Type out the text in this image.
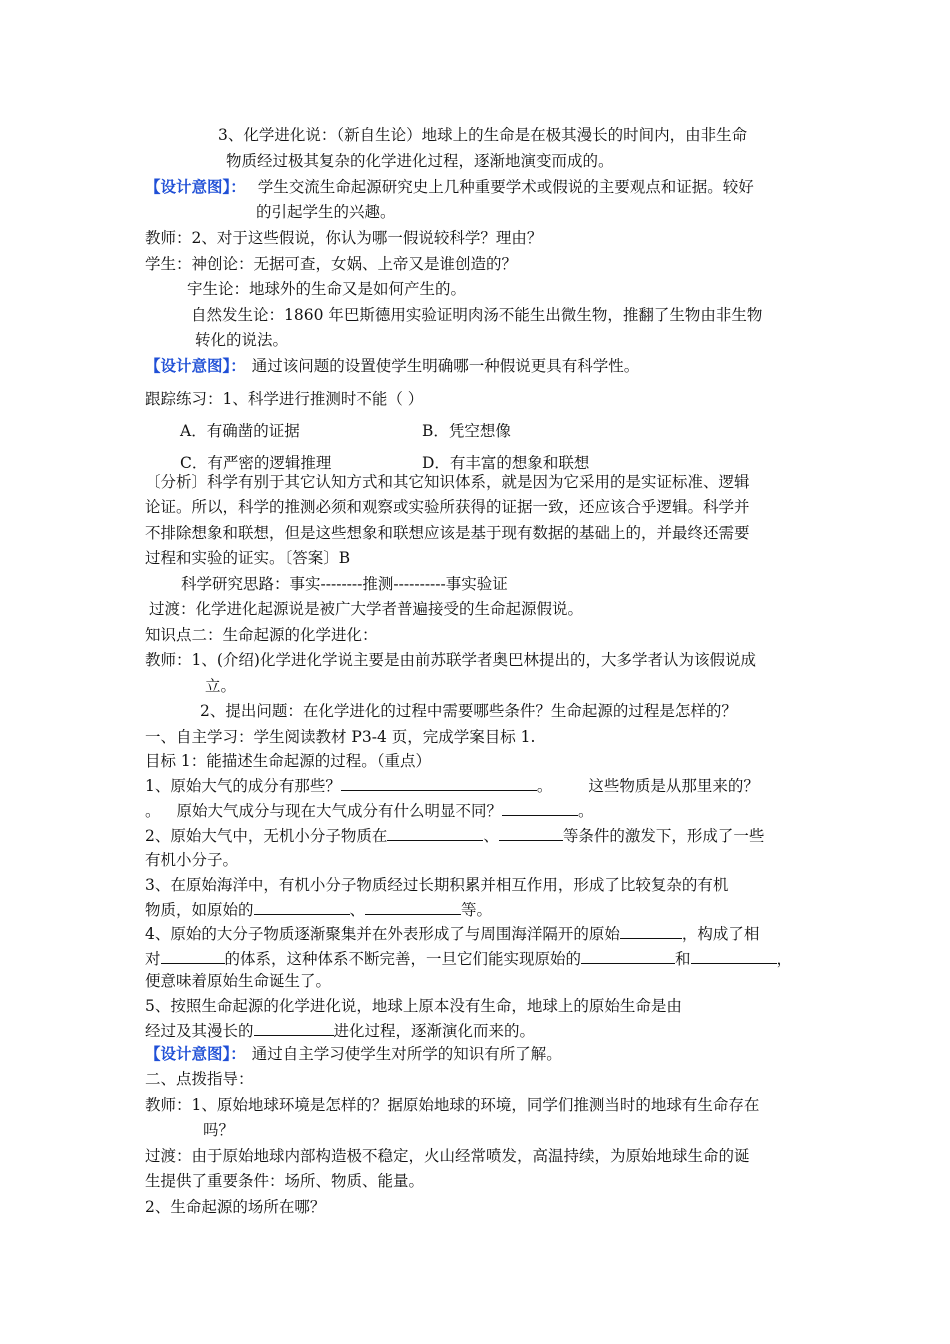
3、化学进化说：（新自生论）地球上的生命是在极其漫长的时间内，由非生命
物质经过极其复杂的化学进化过程，逐渐地演变而成的。
【设计意图】： 学生交流生命起源研究史上几种重要学术或假说的主要观点和证据。较好
的引起学生的兴趣。
教师：2、对于这些假说，你认为哪一假说较科学？理由？
学生：神创论：无据可查，女娲、上帝又是谁创造的？
宇生论：地球外的生命又是如何产生的。
自然发生论：1860 年巴斯德用实验证明肉汤不能生出微生物，推翻了生物由非生物
转化的说法。
【设计意图】： 通过该问题的设置使学生明确哪一种假说更具有科学性。
跟踪练习：1、科学进行推测时不能（ ）
A．有确凿的证据	B．凭空想像
C．有严密的逻辑推理	D．有丰富的想象和联想
〔分析〕科学有别于其它认知方式和其它知识体系，就是因为它采用的是实证标准、逻辑
论证。所以，科学的推测必须和观察或实验所获得的证据一致，还应该合乎逻辑。科学并
不排除想象和联想，但是这些想象和联想应该是基于现有数据的基础上的，并最终还需要
过程和实验的证实。〔答案〕B
科学研究思路：事实--------推测----------事实验证
过渡：化学进化起源说是被广大学者普遍接受的生命起源假说。
知识点二：生命起源的化学进化：
教师：1、(介绍)化学进化学说主要是由前苏联学者奥巴林提出的，大多学者认为该假说成
立。
2、提出问题：在化学进化的过程中需要哪些条件？生命起源的过程是怎样的？
一、自主学习：学生阅读教材 P3-4 页，完成学案目标 1.
目标 1：能描述生命起源的过程。（重点）
1、原始大气的成分有那些？	。 这些物质是从那里来的？
。 原始大气成分与现在大气成分有什么明显不同？	。
2、原始大气中，无机小分子物质在	、	等条件的激发下，形成了一些
有机小分子。
3、在原始海洋中，有机小分子物质经过长期积累并相互作用，形成了比较复杂的有机
物质，如原始的	、	等。
4、原始的大分子物质逐渐聚集并在外表形成了与周围海洋隔开的原始	，构成了相
对	的体系，这种体系不断完善，一旦它们能实现原始的	和	，
便意味着原始生命诞生了。
5、按照生命起源的化学进化说，地球上原本没有生命，地球上的原始生命是由
经过及其漫长的	进化过程，逐渐演化而来的。
【设计意图】： 通过自主学习使学生对所学的知识有所了解。
二、点拨指导：
教师：1、原始地球环境是怎样的？据原始地球的环境，同学们推测当时的地球有生命存在
吗？
过渡：由于原始地球内部构造极不稳定，火山经常喷发，高温持续，为原始地球生命的诞
生提供了重要条件：场所、物质、能量。
2、生命起源的场所在哪？
